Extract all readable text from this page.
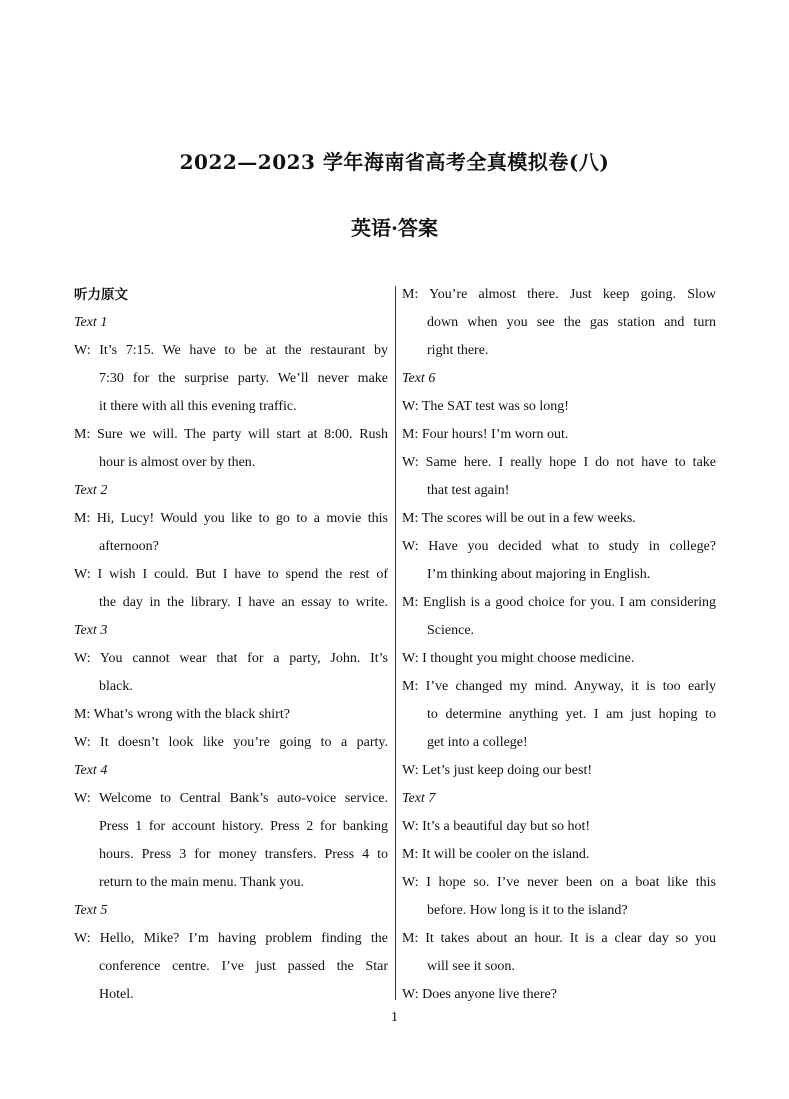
2022—2023 学年海南省高考全真模拟卷(八)
英语·答案
听力原文
Text 1
W: It’s 7:15. We have to be at the restaurant by
7:30 for the surprise party. We’ll never make
it there with all this evening traffic.
M: Sure we will. The party will start at 8:00. Rush
hour is almost over by then.
Text 2
M: Hi, Lucy! Would you like to go to a movie this
afternoon?
W: I wish I could. But I have to spend the rest of
the day in the library. I have an essay to write.
Text 3
W: You cannot wear that for a party, John. It’s
black.
M: What’s wrong with the black shirt?
W: It doesn’t look like you’re going to a party.
Text 4
W: Welcome to Central Bank’s auto-voice service.
Press 1 for account history. Press 2 for banking
hours. Press 3 for money transfers. Press 4 to
return to the main menu. Thank you.
Text 5
W: Hello, Mike? I’m having problem finding the
conference centre. I’ve just passed the Star
Hotel.
M: You’re almost there. Just keep going. Slow
down when you see the gas station and turn
right there.
Text 6
W: The SAT test was so long!
M: Four hours! I’m worn out.
W: Same here. I really hope I do not have to take
that test again!
M: The scores will be out in a few weeks.
W: Have you decided what to study in college?
I’m thinking about majoring in English.
M: English is a good choice for you. I am considering
Science.
W: I thought you might choose medicine.
M: I’ve changed my mind. Anyway, it is too early
to determine anything yet. I am just hoping to
get into a college!
W: Let’s just keep doing our best!
Text 7
W: It’s a beautiful day but so hot!
M: It will be cooler on the island.
W: I hope so. I’ve never been on a boat like this
before. How long is it to the island?
M: It takes about an hour. It is a clear day so you
will see it soon.
W: Does anyone live there?
1
